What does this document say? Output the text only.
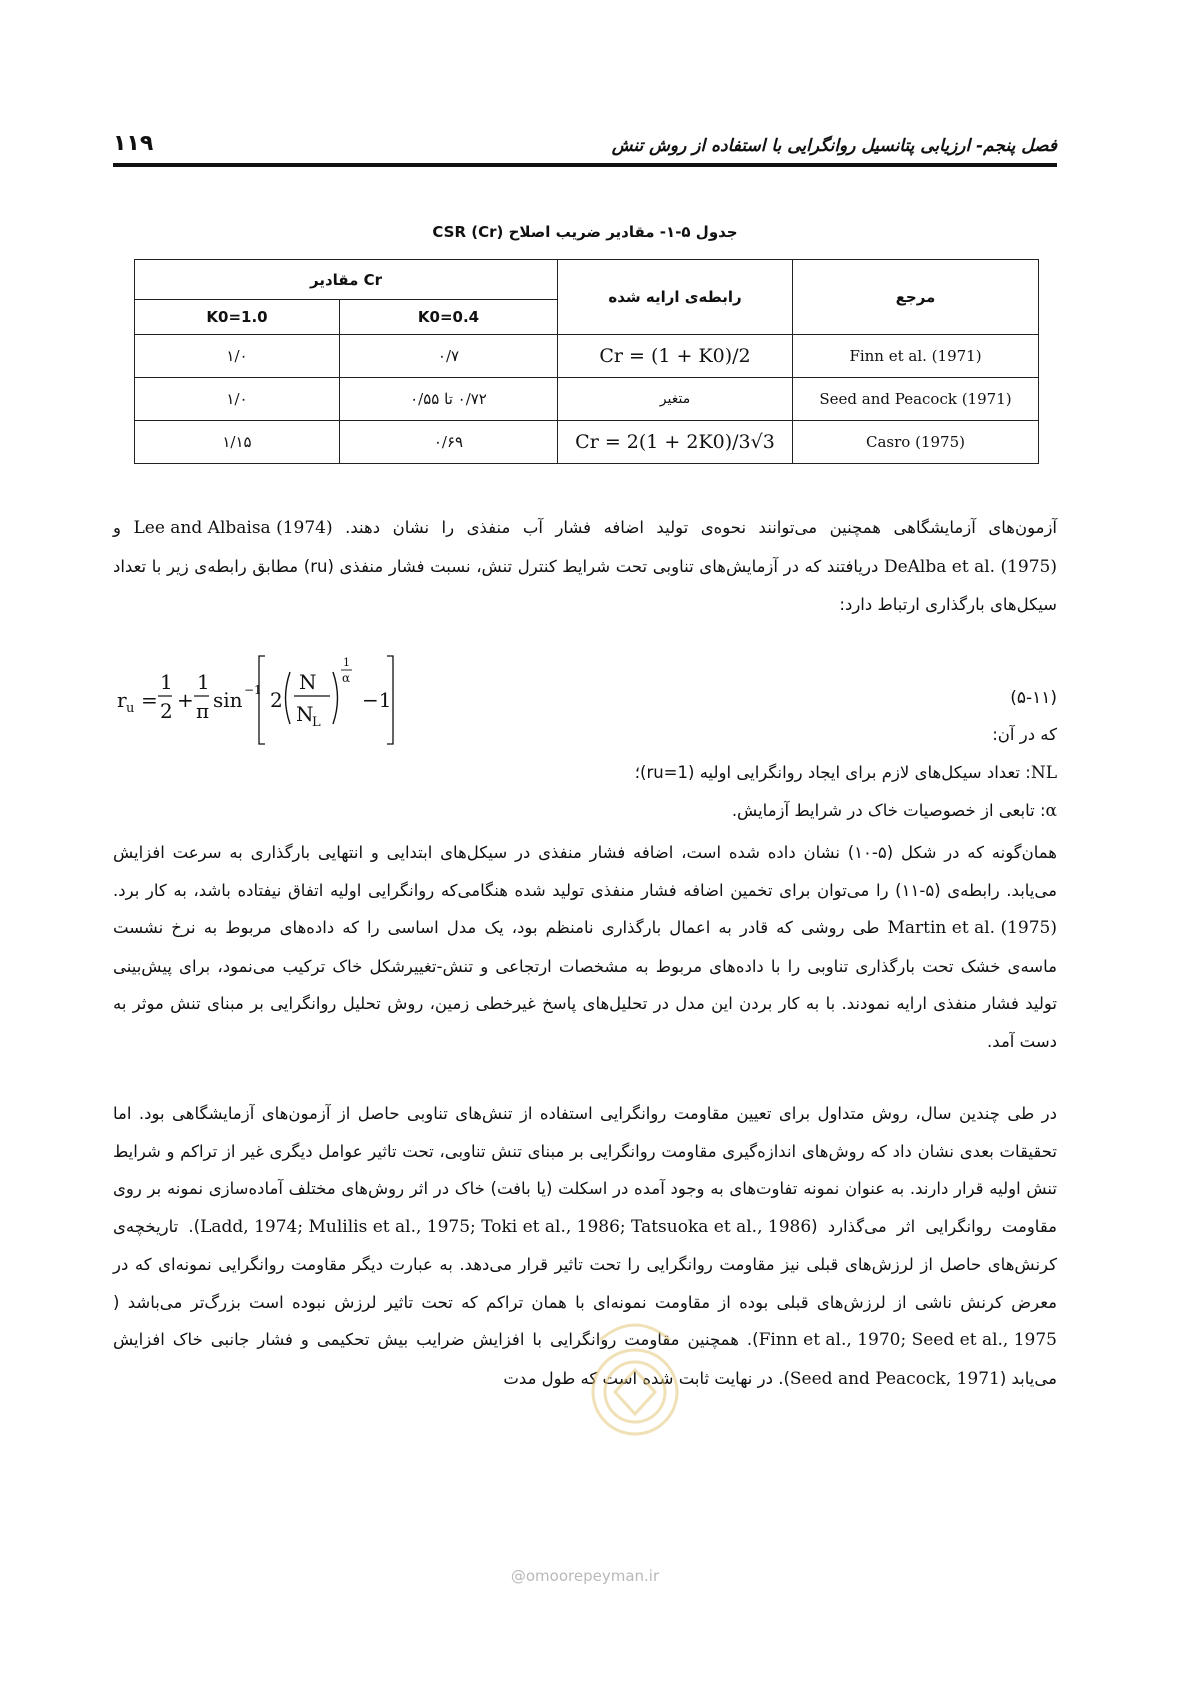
۱۱۹	فصل پنجم- ارزیابی پتانسیل روانگرایی با استفاده از روش تنش
جدول ۵-۱- مقادیر ضریب اصلاح CSR (Cr)
مرجع	رابطه‌ی ارایه شده	مقادیر Cr	
		K0=0.4	K0=1.0
Finn et al. (1971)	Cr = (1 + K0)/2	۰/۷	۱/۰
Seed and Peacock (1971)	متغیر	۰/۷۲ تا ۰/۵۵	۱/۰
Casro (1975)	Cr = 2(1 + 2K0)/3√3	۰/۶۹	۱/۱۵

آزمون‌های آزمایشگاهی همچنین می‌توانند نحوه‌ی تولید اضافه فشار آب منفذی را نشان دهند. Lee and Albaisa (1974) و DeAlba et al. (1975) دریافتند که در آزمایش‌های تناوبی تحت شرایط کنترل تنش، نسبت فشار منفذی (ru) مطابق رابطه‌ی زیر با تعداد سیکل‌های بارگذاری ارتباط دارد:

r u =
1
2 +
1
π sin −1 2
N
N
L
1
α
−1	(۵-۱۱)

که در آن:

NL: تعداد سیکل‌های لازم برای ایجاد روانگرایی اولیه (ru=1)؛

α: تابعی از خصوصیات خاک در شرایط آزمایش.

همان‌گونه که در شکل (۵-۱۰) نشان داده شده است، اضافه فشار منفذی در سیکل‌های ابتدایی و انتهایی بارگذاری به سرعت افزایش می‌یابد. رابطه‌ی (۵-۱۱) را می‌توان برای تخمین اضافه فشار منفذی تولید شده هنگامی‌که روانگرایی اولیه اتفاق نیفتاده باشد، به کار برد. Martin et al. (1975) طی روشی که قادر به اعمال بارگذاری نامنظم بود، یک مدل اساسی را که داده‌های مربوط به نرخ نشست ماسه‌ی خشک تحت بارگذاری تناوبی را با داده‌های مربوط به مشخصات ارتجاعی و تنش-تغییرشکل خاک ترکیب می‌نمود، برای پیش‌بینی تولید فشار منفذی ارایه نمودند. با به کار بردن این مدل در تحلیل‌های پاسخ غیرخطی زمین، روش تحلیل روانگرایی بر مبنای تنش موثر به دست آمد.

در طی چندین سال، روش متداول برای تعیین مقاومت روانگرایی استفاده از تنش‌های تناوبی حاصل از آزمون‌های آزمایشگاهی بود. اما تحقیقات بعدی نشان داد که روش‌های اندازه‌گیری مقاومت روانگرایی بر مبنای تنش تناوبی، تحت تاثیر عوامل دیگری غیر از تراکم و شرایط تنش اولیه قرار دارند. به عنوان نمونه تفاوت‌های به وجود آمده در اسکلت (یا بافت) خاک در اثر روش‌های مختلف آماده‌سازی نمونه بر روی مقاومت روانگرایی اثر می‌گذارد (Ladd, 1974; Mulilis et al., 1975; Toki et al., 1986; Tatsuoka et al., 1986). تاریخچه‌ی کرنش‌های حاصل از لرزش‌های قبلی نیز مقاومت روانگرایی را تحت تاثیر قرار می‌دهد. به عبارت دیگر مقاومت روانگرایی نمونه‌ای که در معرض کرنش ناشی از لرزش‌های قبلی بوده از مقاومت نمونه‌ای با همان تراکم که تحت تاثیر لرزش نبوده است بزرگ‌تر می‌باشد (Finn et al., 1970; Seed et al., 1975). همچنین مقاومت روانگرایی با افزایش ضرایب بیش تحکیمی و فشار جانبی خاک افزایش می‌یابد (Seed and Peacock, 1971). در نهایت ثابت شده است که طول مدت

@omoorepeyman.ir
